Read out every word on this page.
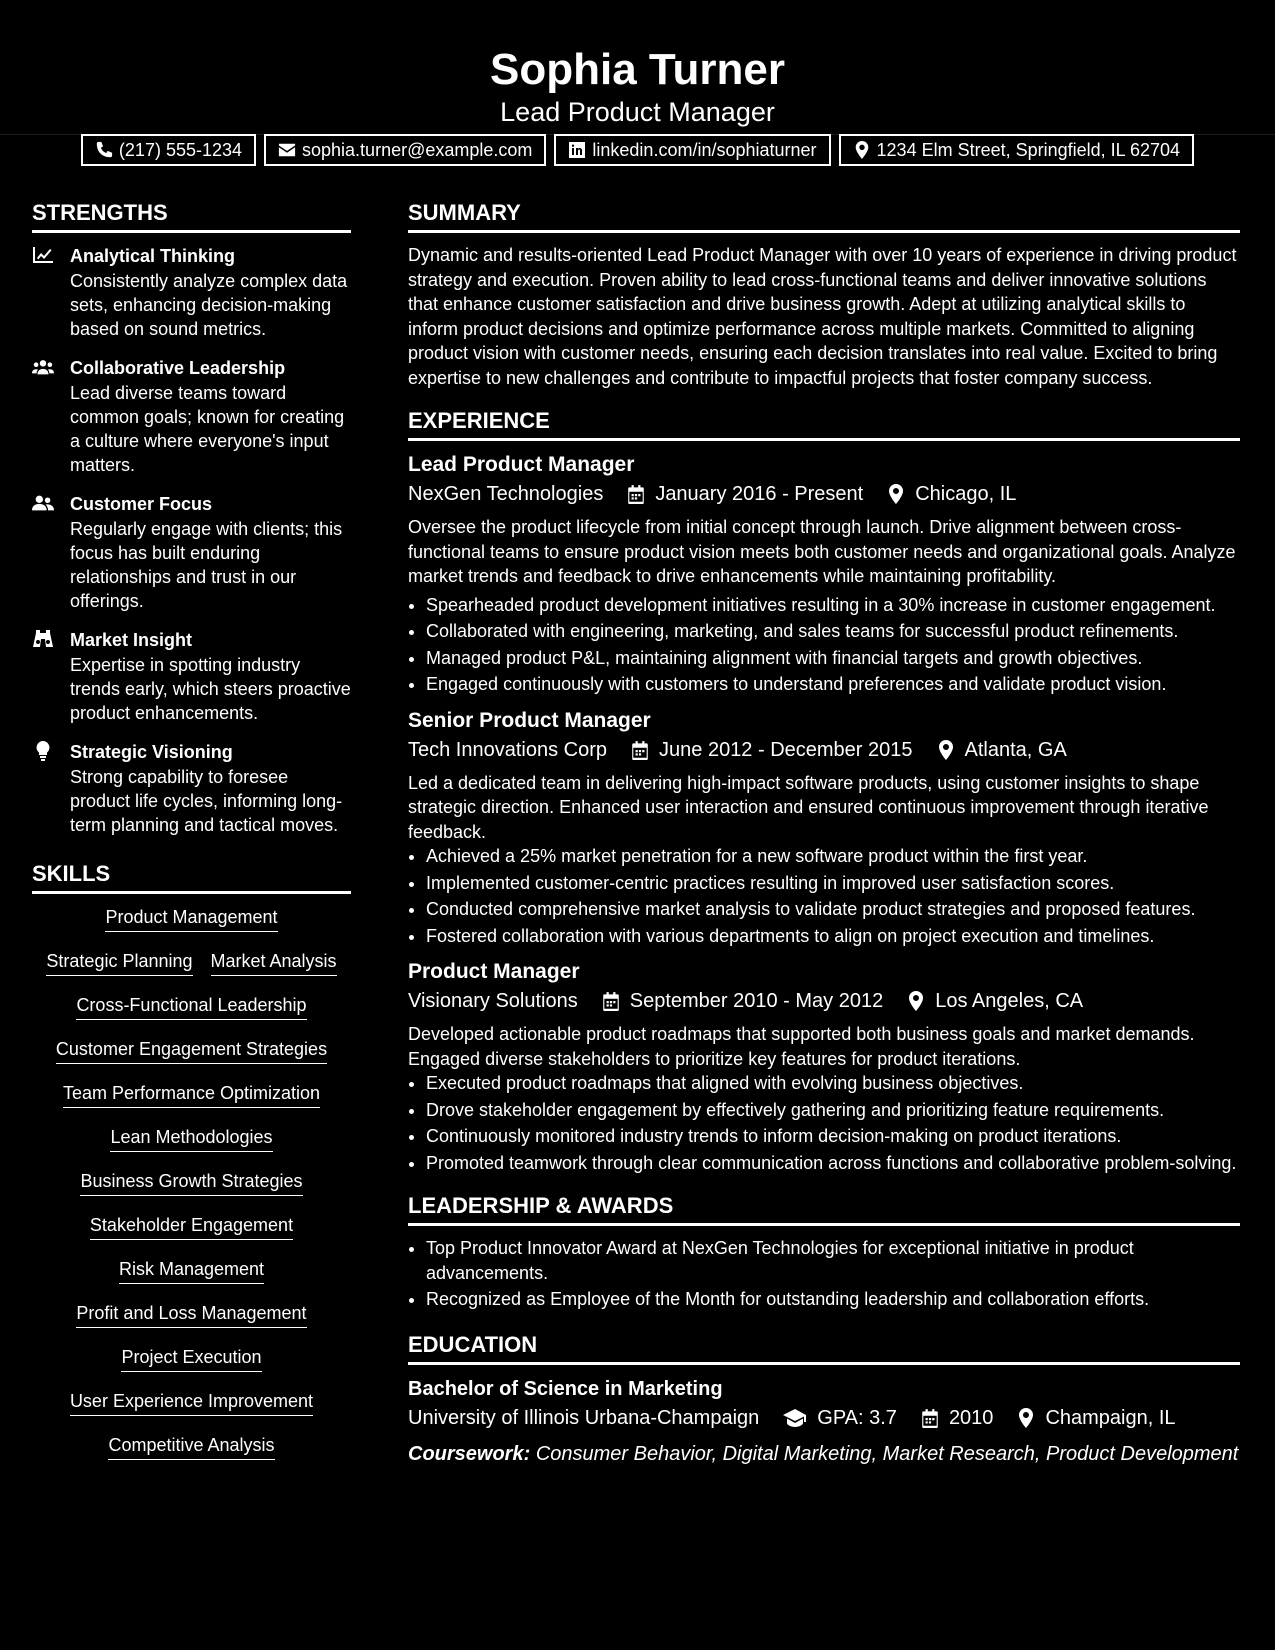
Sophia Turner
Lead Product Manager
(217) 555-1234	sophia.turner@example.com	linkedin.com/in/sophiaturner	1234 Elm Street, Springfield, IL 62704
STRENGTHS
Analytical Thinking
Consistently analyze complex data sets, enhancing decision-making based on sound metrics.
Collaborative Leadership
Lead diverse teams toward common goals; known for creating a culture where everyone's input matters.
Customer Focus
Regularly engage with clients; this focus has built enduring relationships and trust in our offerings.
Market Insight
Expertise in spotting industry trends early, which steers proactive product enhancements.
Strategic Visioning
Strong capability to foresee product life cycles, informing long-term planning and tactical moves.
SKILLS
Product Management
Strategic Planning Market Analysis
Cross-Functional Leadership
Customer Engagement Strategies
Team Performance Optimization
Lean Methodologies
Business Growth Strategies
Stakeholder Engagement
Risk Management
Profit and Loss Management
Project Execution
User Experience Improvement
Competitive Analysis
SUMMARY

Dynamic and results-oriented Lead Product Manager with over 10 years of experience in driving product strategy and execution. Proven ability to lead cross-functional teams and deliver innovative solutions that enhance customer satisfaction and drive business growth. Adept at utilizing analytical skills to inform product decisions and optimize performance across multiple markets. Committed to aligning product vision with customer needs, ensuring each decision translates into real value. Excited to bring expertise to new challenges and contribute to impactful projects that foster company success.

EXPERIENCE
Lead Product Manager
NexGen Technologies	January 2016 - Present	Chicago, IL

Oversee the product lifecycle from initial concept through launch. Drive alignment between cross-functional teams to ensure product vision meets both customer needs and organizational goals. Analyze market trends and feedback to drive enhancements while maintaining profitability.

• Spearheaded product development initiatives resulting in a 30% increase in customer engagement.
• Collaborated with engineering, marketing, and sales teams for successful product refinements.
• Managed product P&L, maintaining alignment with financial targets and growth objectives.
• Engaged continuously with customers to understand preferences and validate product vision.
Senior Product Manager
Tech Innovations Corp	June 2012 - December 2015	Atlanta, GA

Led a dedicated team in delivering high-impact software products, using customer insights to shape strategic direction. Enhanced user interaction and ensured continuous improvement through iterative feedback.

• Achieved a 25% market penetration for a new software product within the first year.
• Implemented customer-centric practices resulting in improved user satisfaction scores.
• Conducted comprehensive market analysis to validate product strategies and proposed features.
• Fostered collaboration with various departments to align on project execution and timelines.
Product Manager
Visionary Solutions	September 2010 - May 2012	Los Angeles, CA

Developed actionable product roadmaps that supported both business goals and market demands. Engaged diverse stakeholders to prioritize key features for product iterations.

• Executed product roadmaps that aligned with evolving business objectives.
• Drove stakeholder engagement by effectively gathering and prioritizing feature requirements.
• Continuously monitored industry trends to inform decision-making on product iterations.
• Promoted teamwork through clear communication across functions and collaborative problem-solving.
LEADERSHIP & AWARDS
• Top Product Innovator Award at NexGen Technologies for exceptional initiative in product advancements.
• Recognized as Employee of the Month for outstanding leadership and collaboration efforts.
EDUCATION
Bachelor of Science in Marketing
University of Illinois Urbana-Champaign	GPA: 3.7	2010	Champaign, IL
Coursework: Consumer Behavior, Digital Marketing, Market Research, Product Development
